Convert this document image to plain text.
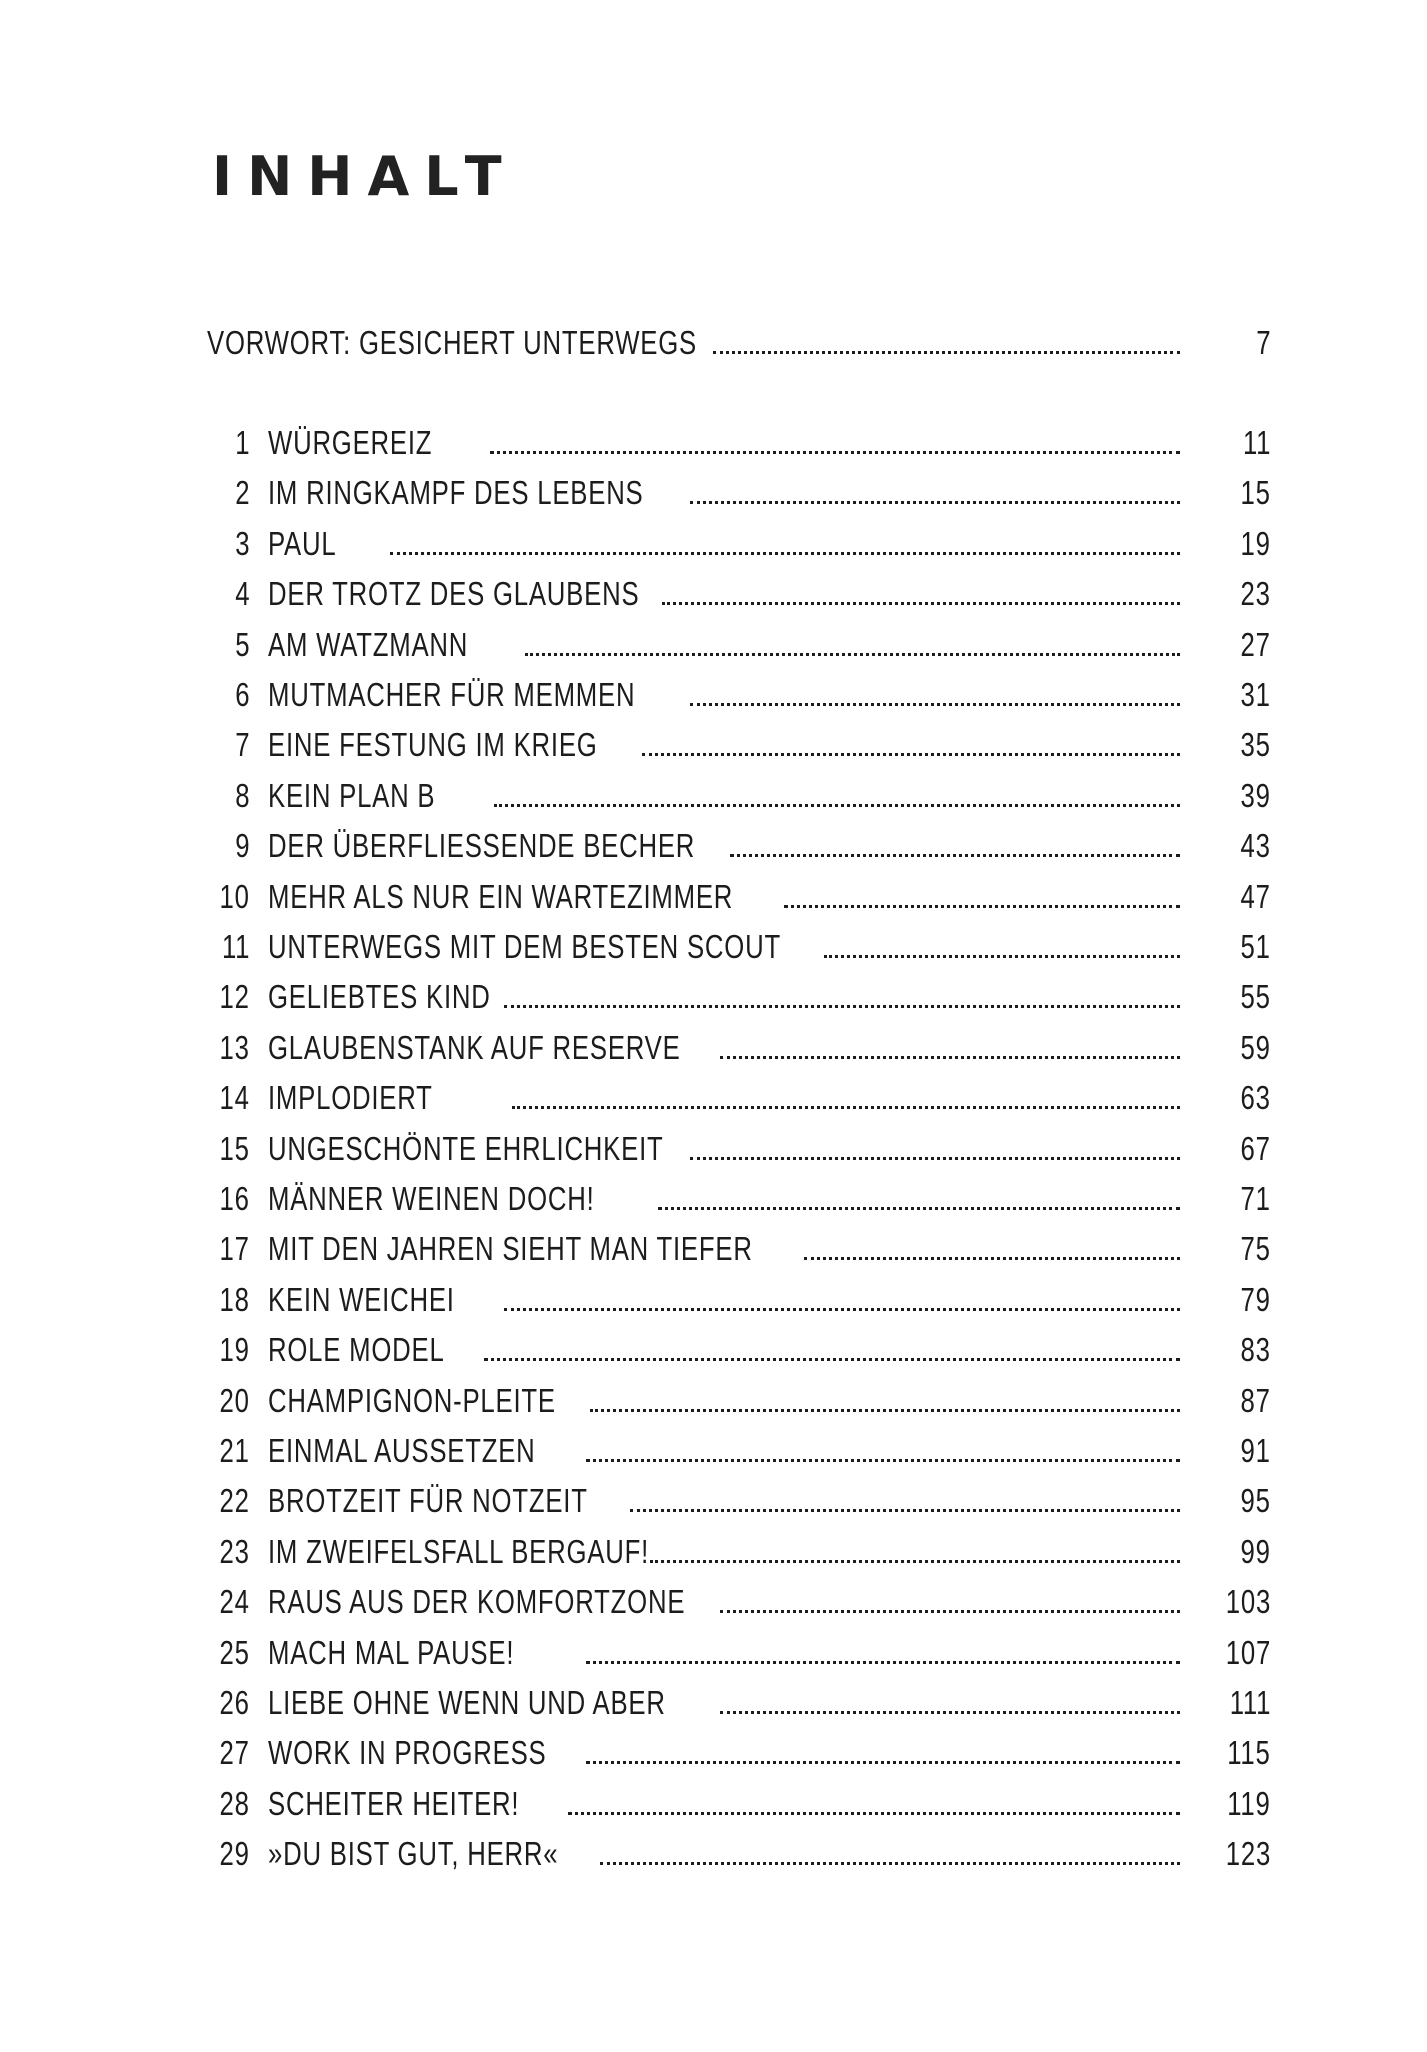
INHALT
VORWORT: GESICHERT UNTERWEGS	7
1 WÜRGEREIZ	11
2 IM RINGKAMPF DES LEBENS	15
3 PAUL	19
4 DER TROTZ DES GLAUBENS	23
5 AM WATZMANN	27
6 MUTMACHER FÜR MEMMEN	31
7 EINE FESTUNG IM KRIEG	35
8 KEIN PLAN B	39
9 DER ÜBERFLIESSENDE BECHER	43
10 MEHR ALS NUR EIN WARTEZIMMER	47
11 UNTERWEGS MIT DEM BESTEN SCOUT	51
12 GELIEBTES KIND	55
13 GLAUBENSTANK AUF RESERVE	59
14 IMPLODIERT	63
15 UNGESCHÖNTE EHRLICHKEIT	67
16 MÄNNER WEINEN DOCH!	71
17 MIT DEN JAHREN SIEHT MAN TIEFER	75
18 KEIN WEICHEI	79
19 ROLE MODEL	83
20 CHAMPIGNON-PLEITE	87
21 EINMAL AUSSETZEN	91
22 BROTZEIT FÜR NOTZEIT	95
23 IM ZWEIFELSFALL BERGAUF!	99
24 RAUS AUS DER KOMFORTZONE	103
25 MACH MAL PAUSE!	107
26 LIEBE OHNE WENN UND ABER	111
27 WORK IN PROGRESS	115
28 SCHEITER HEITER!	119
29 »DU BIST GUT, HERR«	123
